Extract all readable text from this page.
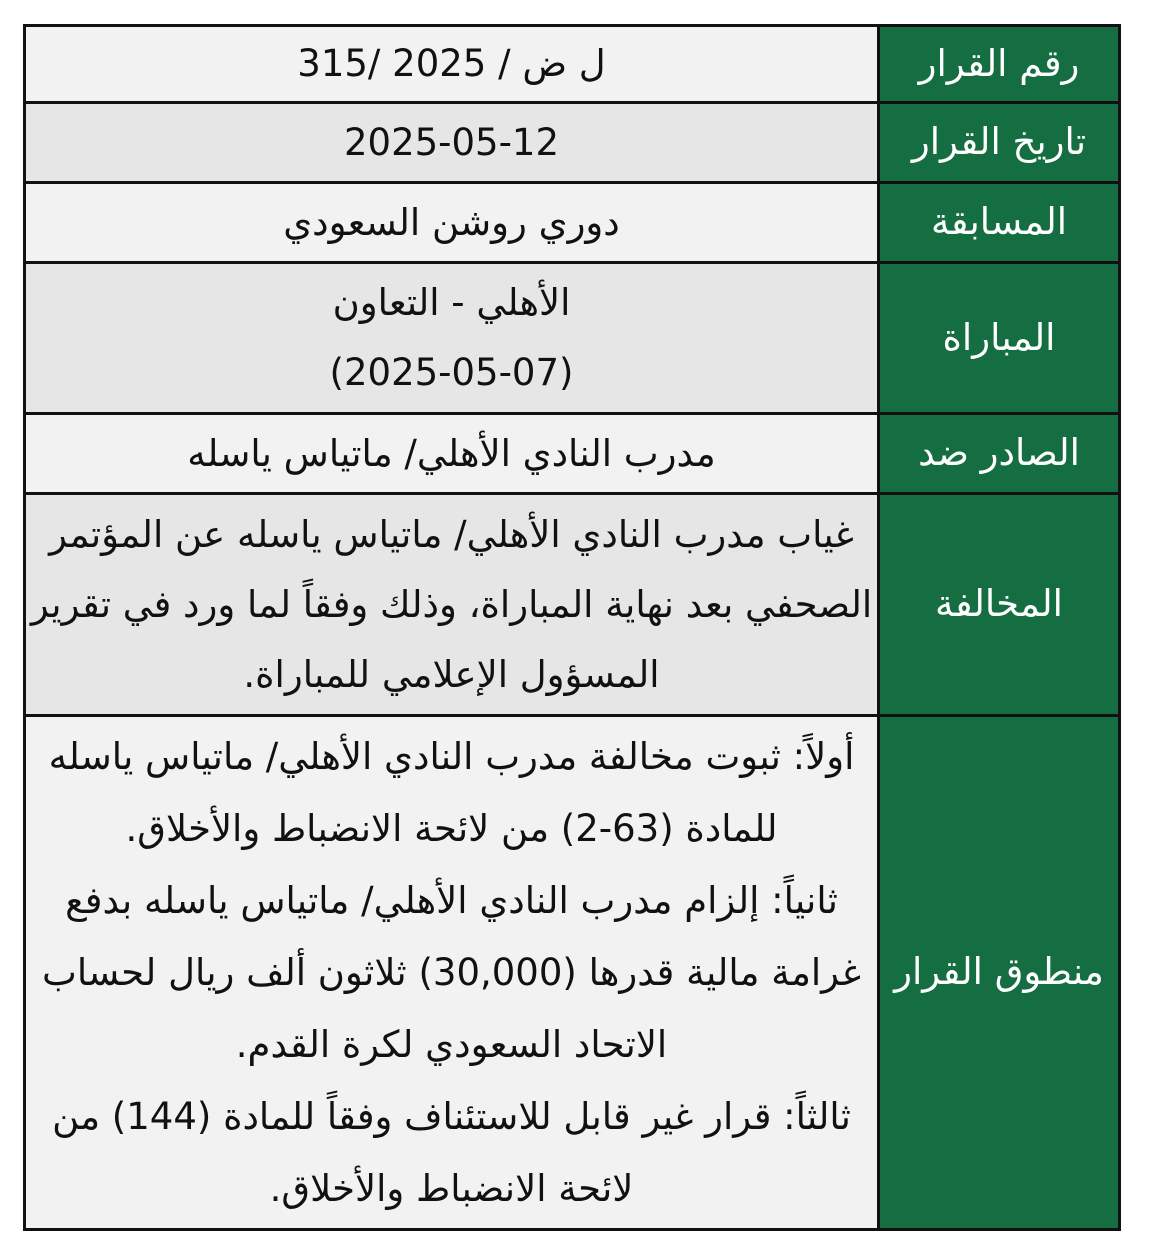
رقم القرار	315/ ل ض / 2025
تاريخ القرار	2025-05-12
المسابقة	دوري روشن السعودي
المباراة	الأهلي - التعاون
(2025-05-07)

الصادر ضد	مدرب النادي الأهلي/ ماتياس ياسله
المخالفة	غياب مدرب النادي الأهلي/ ماتياس ياسله عن المؤتمر الصحفي بعد نهاية المباراة، وذلك وفقاً لما ورد في تقرير المسؤول الإعلامي للمباراة.
منطوق القرار	أولاً: ثبوت مخالفة مدرب النادي الأهلي/ ماتياس ياسله للمادة (63-2) من لائحة الانضباط والأخلاق.
ثانياً: إلزام مدرب النادي الأهلي/ ماتياس ياسله بدفع غرامة مالية قدرها (30,000) ثلاثون ألف ريال لحساب الاتحاد السعودي لكرة القدم.
ثالثاً: قرار غير قابل للاستئناف وفقاً للمادة (144) من لائحة الانضباط والأخلاق.
